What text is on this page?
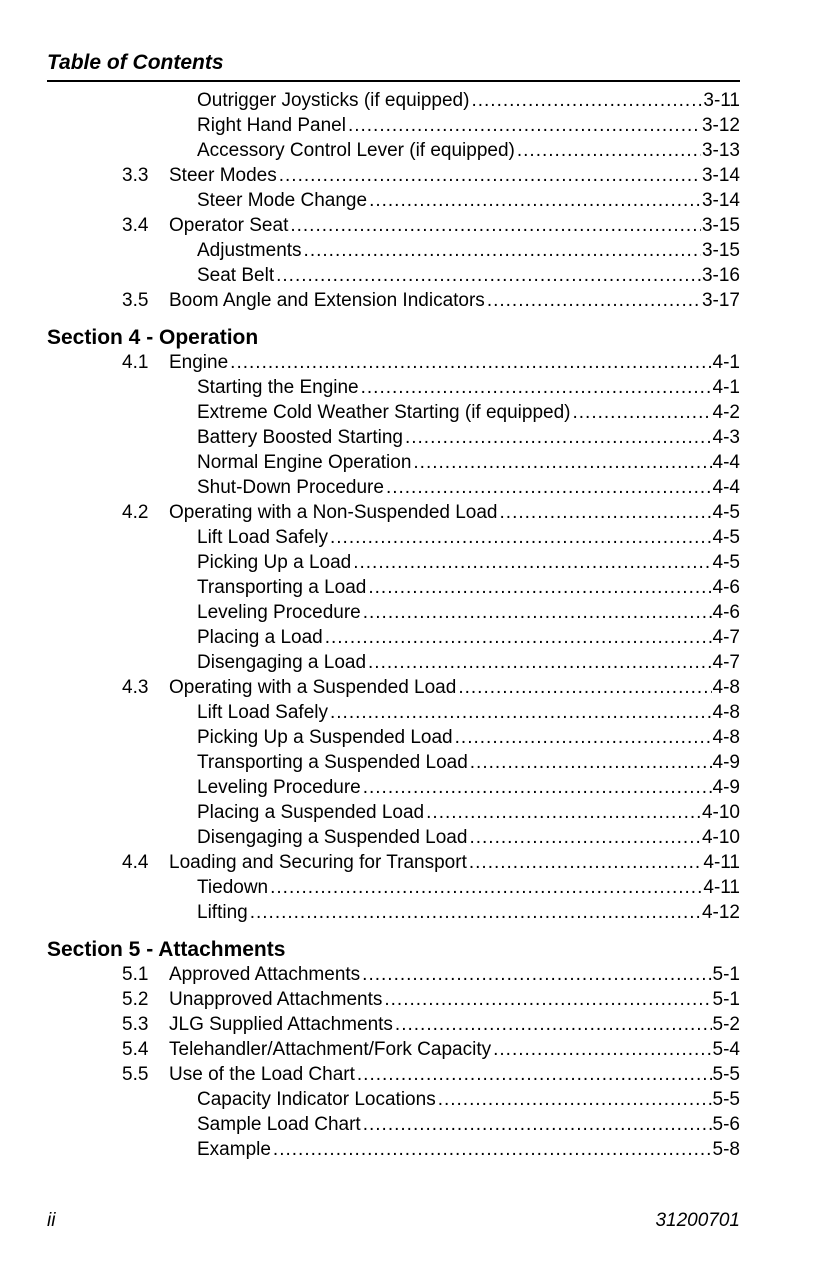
Table of Contents
Outrigger Joysticks (if equipped) .....	3-11
Right Hand Panel .....	3-12
Accessory Control Lever (if equipped) .....	3-13
3.3 Steer Modes .....	3-14
Steer Mode Change .....	3-14
3.4 Operator Seat .....	3-15
Adjustments .....	3-15
Seat Belt .....	3-16
3.5 Boom Angle and Extension Indicators .....	3-17
Section 4 - Operation
4.1 Engine .....	4-1
Starting the Engine .....	4-1
Extreme Cold Weather Starting (if equipped) .....	4-2
Battery Boosted Starting .....	4-3
Normal Engine Operation .....	4-4
Shut-Down Procedure .....	4-4
4.2 Operating with a Non-Suspended Load .....	4-5
Lift Load Safely .....	4-5
Picking Up a Load .....	4-5
Transporting a Load .....	4-6
Leveling Procedure .....	4-6
Placing a Load .....	4-7
Disengaging a Load .....	4-7
4.3 Operating with a Suspended Load .....	4-8
Lift Load Safely .....	4-8
Picking Up a Suspended Load .....	4-8
Transporting a Suspended Load .....	4-9
Leveling Procedure .....	4-9
Placing a Suspended Load .....	4-10
Disengaging a Suspended Load .....	4-10
4.4 Loading and Securing for Transport .....	4-11
Tiedown .....	4-11
Lifting .....	4-12
Section 5 - Attachments
5.1 Approved Attachments .....	5-1
5.2 Unapproved Attachments .....	5-1
5.3 JLG Supplied Attachments .....	5-2
5.4 Telehandler/Attachment/Fork Capacity .....	5-4
5.5 Use of the Load Chart .....	5-5
Capacity Indicator Locations .....	5-5
Sample Load Chart .....	5-6
Example .....	5-8
ii	31200701
